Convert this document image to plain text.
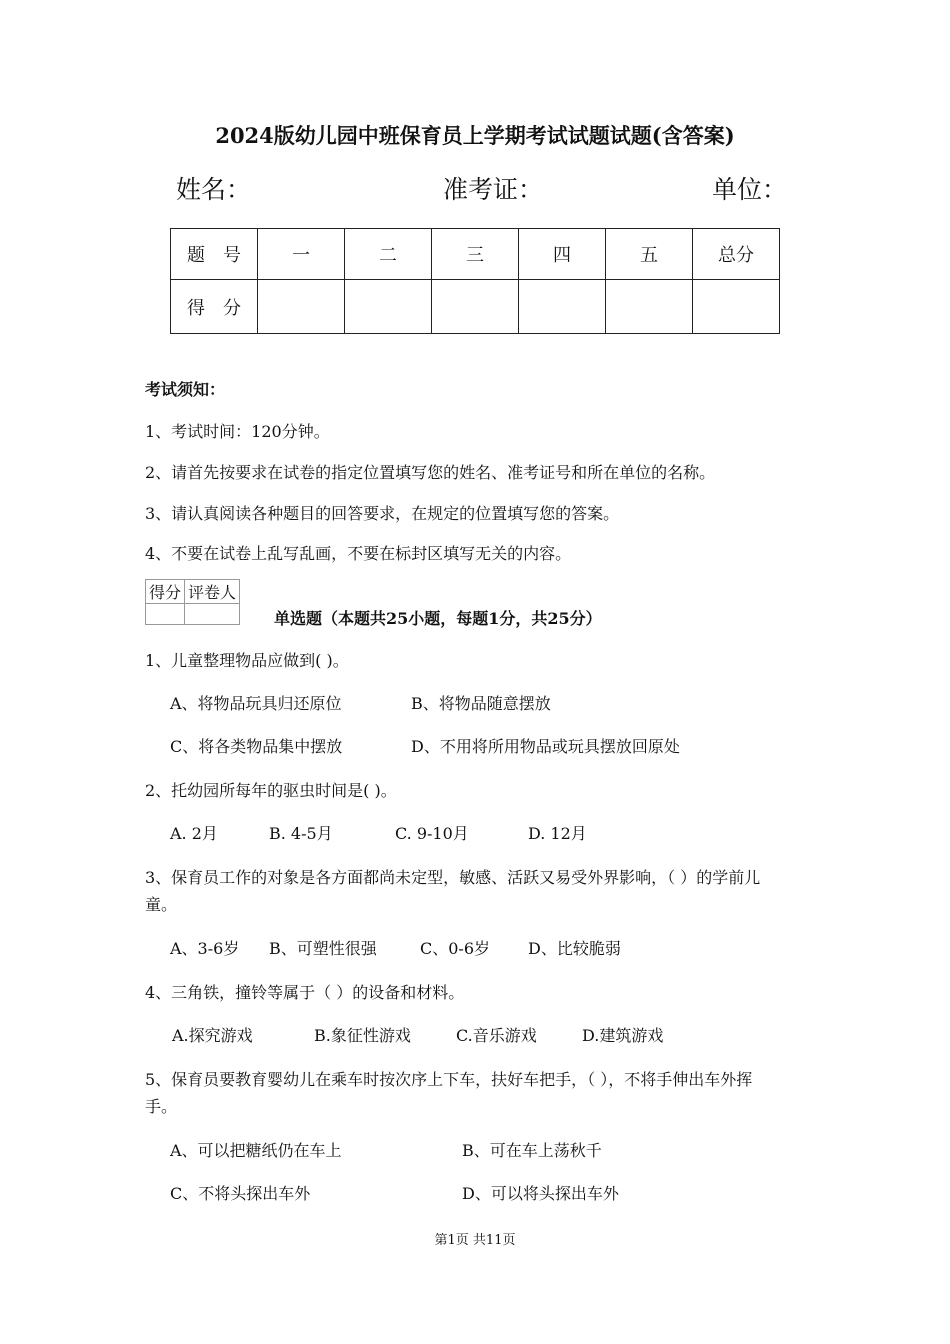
2024版幼儿园中班保育员上学期考试试题试题(含答案)
姓名：	准考证：	单位：
题　号	一	二	三	四	五	总分
得　分						
考试须知：
1、考试时间：120分钟。
2、请首先按要求在试卷的指定位置填写您的姓名、准考证号和所在单位的名称。
3、请认真阅读各种题目的回答要求，在规定的位置填写您的答案。
4、不要在试卷上乱写乱画，不要在标封区填写无关的内容。
得分	评卷人

单选题（本题共25小题，每题1分，共25分）
1、儿童整理物品应做到( )。
A、将物品玩具归还原位	B、将物品随意摆放
C、将各类物品集中摆放	D、不用将所用物品或玩具摆放回原处
2、托幼园所每年的驱虫时间是( )。
A. 2月	B. 4-5月	C. 9-10月	D. 12月
3、保育员工作的对象是各方面都尚未定型，敏感、活跃又易受外界影响，（ ）的学前儿
童。
A、3-6岁 B、可塑性很强	C、0-6岁 D、比较脆弱
4、三角铁，撞铃等属于（ ）的设备和材料。
A.探究游戏	B.象征性游戏	C.音乐游戏	D.建筑游戏
5、保育员要教育婴幼儿在乘车时按次序上下车，扶好车把手，（ ），不将手伸出车外挥
手。
A、可以把糖纸仍在车上	B、可在车上荡秋千
C、不将头探出车外	D、可以将头探出车外
第1页 共11页
